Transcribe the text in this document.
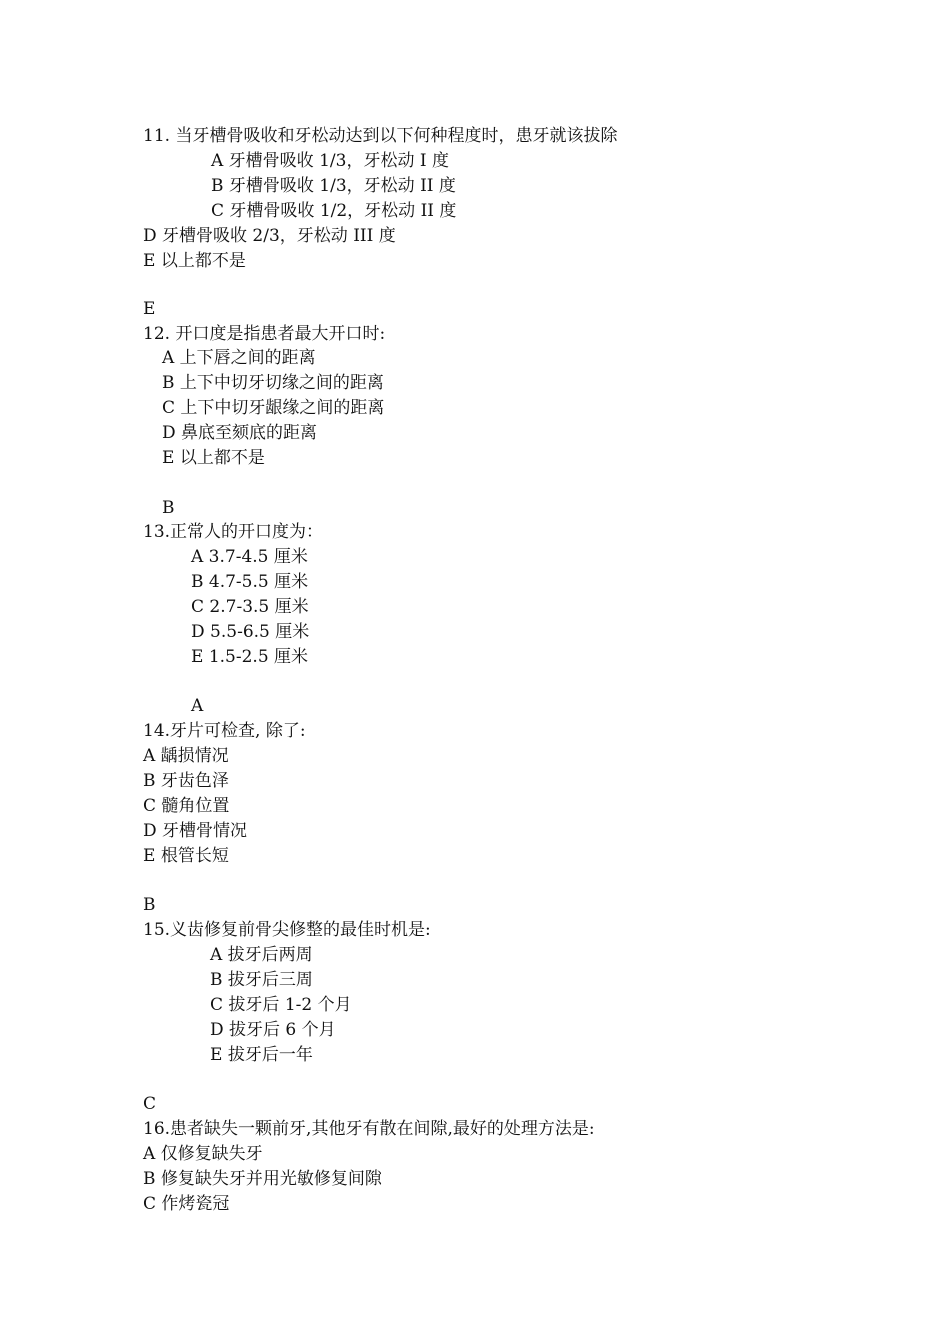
11. 当牙槽骨吸收和牙松动达到以下何种程度时，患牙就该拔除
A 牙槽骨吸收 1/3，牙松动 I 度
B 牙槽骨吸收 1/3，牙松动 II 度
C 牙槽骨吸收 1/2，牙松动 II 度
D 牙槽骨吸收 2/3，牙松动 III 度
E 以上都不是
E
12. 开口度是指患者最大开口时:
A 上下唇之间的距离
B 上下中切牙切缘之间的距离
C 上下中切牙龈缘之间的距离
D 鼻底至颏底的距离
E 以上都不是
B
13.正常人的开口度为：
A 3.7-4.5 厘米
B 4.7-5.5 厘米
C 2.7-3.5 厘米
D 5.5-6.5 厘米
E 1.5-2.5 厘米
A
14.牙片可检查, 除了:
A 龋损情况
B 牙齿色泽
C 髓角位置
D 牙槽骨情况
E 根管长短
B
15.义齿修复前骨尖修整的最佳时机是:
A 拔牙后两周
B 拔牙后三周
C 拔牙后 1-2 个月
D 拔牙后 6 个月
E 拔牙后一年
C
16.患者缺失一颗前牙,其他牙有散在间隙,最好的处理方法是:
A 仅修复缺失牙
B 修复缺失牙并用光敏修复间隙
C 作烤瓷冠
